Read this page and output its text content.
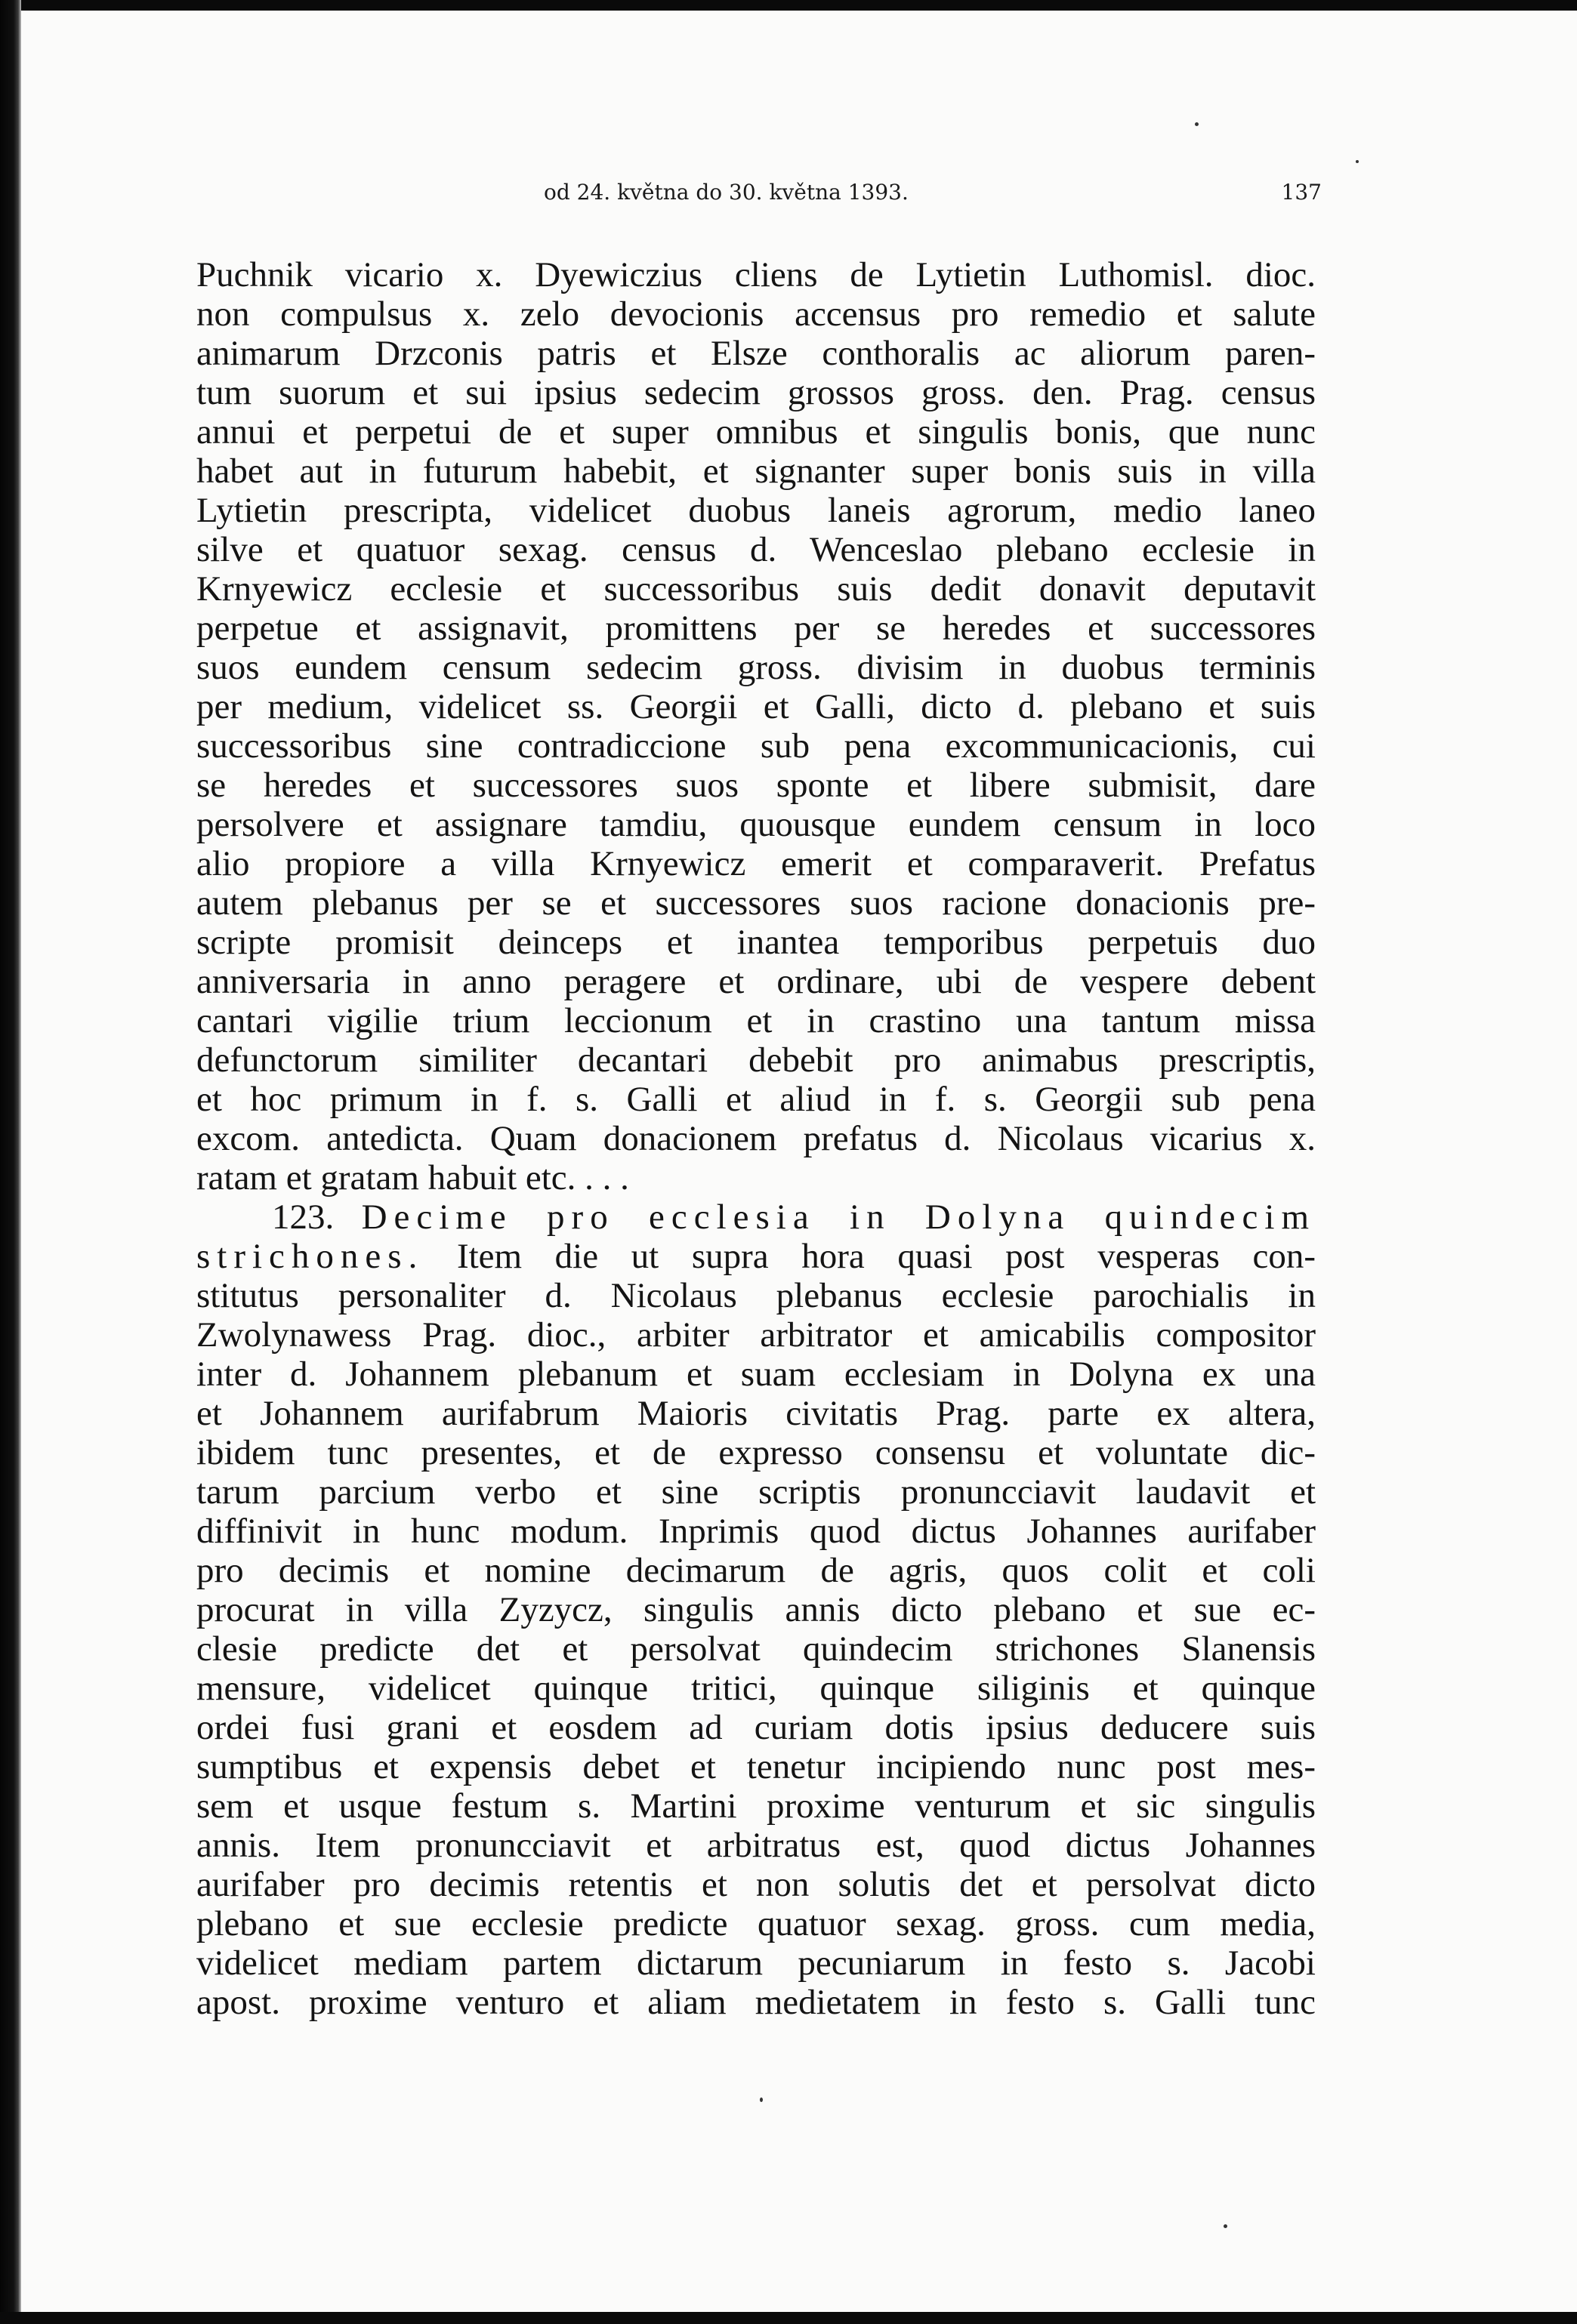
od 24. května do 30. května 1393.	137
Puchnik vicario x. Dyewiczius cliens de Lytietin Luthomisl. dioc.
non compulsus x. zelo devocionis accensus pro remedio et salute
animarum Drzconis patris et Elsze conthoralis ac aliorum paren-
tum suorum et sui ipsius sedecim grossos gross. den. Prag. census
annui et perpetui de et super omnibus et singulis bonis, que nunc
habet aut in futurum habebit, et signanter super bonis suis in villa
Lytietin prescripta, videlicet duobus laneis agrorum, medio laneo
silve et quatuor sexag. census d. Wenceslao plebano ecclesie in
Krnyewicz ecclesie et successoribus suis dedit donavit deputavit
perpetue et assignavit, promittens per se heredes et successores
suos eundem censum sedecim gross. divisim in duobus terminis
per medium, videlicet ss. Georgii et Galli, dicto d. plebano et suis
successoribus sine contradiccione sub pena excommunicacionis, cui
se heredes et successores suos sponte et libere submisit, dare
persolvere et assignare tamdiu, quousque eundem censum in loco
alio propiore a villa Krnyewicz emerit et comparaverit. Prefatus
autem plebanus per se et successores suos racione donacionis pre-
scripte promisit deinceps et inantea temporibus perpetuis duo
anniversaria in anno peragere et ordinare, ubi de vespere debent
cantari vigilie trium leccionum et in crastino una tantum missa
defunctorum similiter decantari debebit pro animabus prescriptis,
et hoc primum in f. s. Galli et aliud in f. s. Georgii sub pena
excom. antedicta. Quam donacionem prefatus d. Nicolaus vicarius x.
ratam et gratam habuit etc. . . .
123. Decime pro ecclesia in Dolyna quindecim
strichones. Item die ut supra hora quasi post vesperas con-
stitutus personaliter d. Nicolaus plebanus ecclesie parochialis in
Zwolynawess Prag. dioc., arbiter arbitrator et amicabilis compositor
inter d. Johannem plebanum et suam ecclesiam in Dolyna ex una
et Johannem aurifabrum Maioris civitatis Prag. parte ex altera,
ibidem tunc presentes, et de expresso consensu et voluntate dic-
tarum parcium verbo et sine scriptis pronuncciavit laudavit et
diffinivit in hunc modum. Inprimis quod dictus Johannes aurifaber
pro decimis et nomine decimarum de agris, quos colit et coli
procurat in villa Zyzycz, singulis annis dicto plebano et sue ec-
clesie predicte det et persolvat quindecim strichones Slanensis
mensure, videlicet quinque tritici, quinque siliginis et quinque
ordei fusi grani et eosdem ad curiam dotis ipsius deducere suis
sumptibus et expensis debet et tenetur incipiendo nunc post mes-
sem et usque festum s. Martini proxime venturum et sic singulis
annis. Item pronuncciavit et arbitratus est, quod dictus Johannes
aurifaber pro decimis retentis et non solutis det et persolvat dicto
plebano et sue ecclesie predicte quatuor sexag. gross. cum media,
videlicet mediam partem dictarum pecuniarum in festo s. Jacobi
apost. proxime venturo et aliam medietatem in festo s. Galli tunc
